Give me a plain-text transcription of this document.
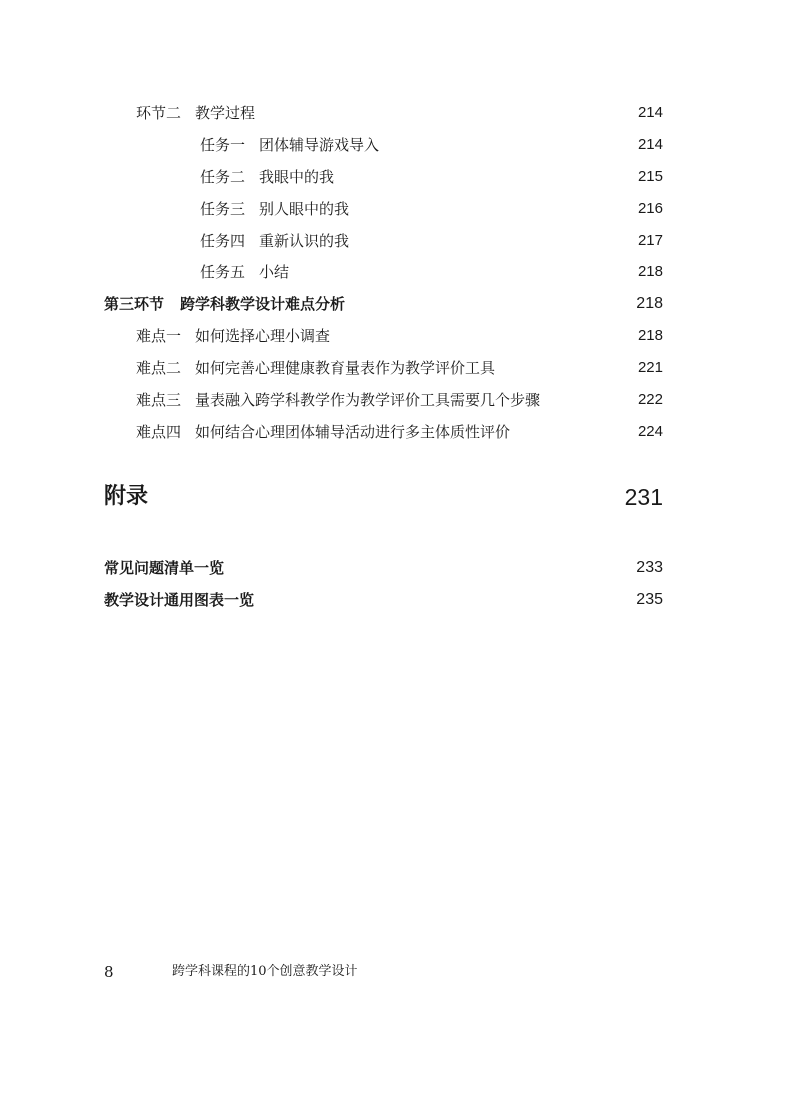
环节二 教学过程	214
任务一 团体辅导游戏导入	214
任务二 我眼中的我	215
任务三 别人眼中的我	216
任务四 重新认识的我	217
任务五 小结	218
第三环节 跨学科教学设计难点分析	218
难点一 如何选择心理小调查	218
难点二 如何完善心理健康教育量表作为教学评价工具	221
难点三 量表融入跨学科教学作为教学评价工具需要几个步骤	222
难点四 如何结合心理团体辅导活动进行多主体质性评价	224
附录	231
常见问题清单一览	233
教学设计通用图表一览	235
8	跨学科课程的10个创意教学设计
